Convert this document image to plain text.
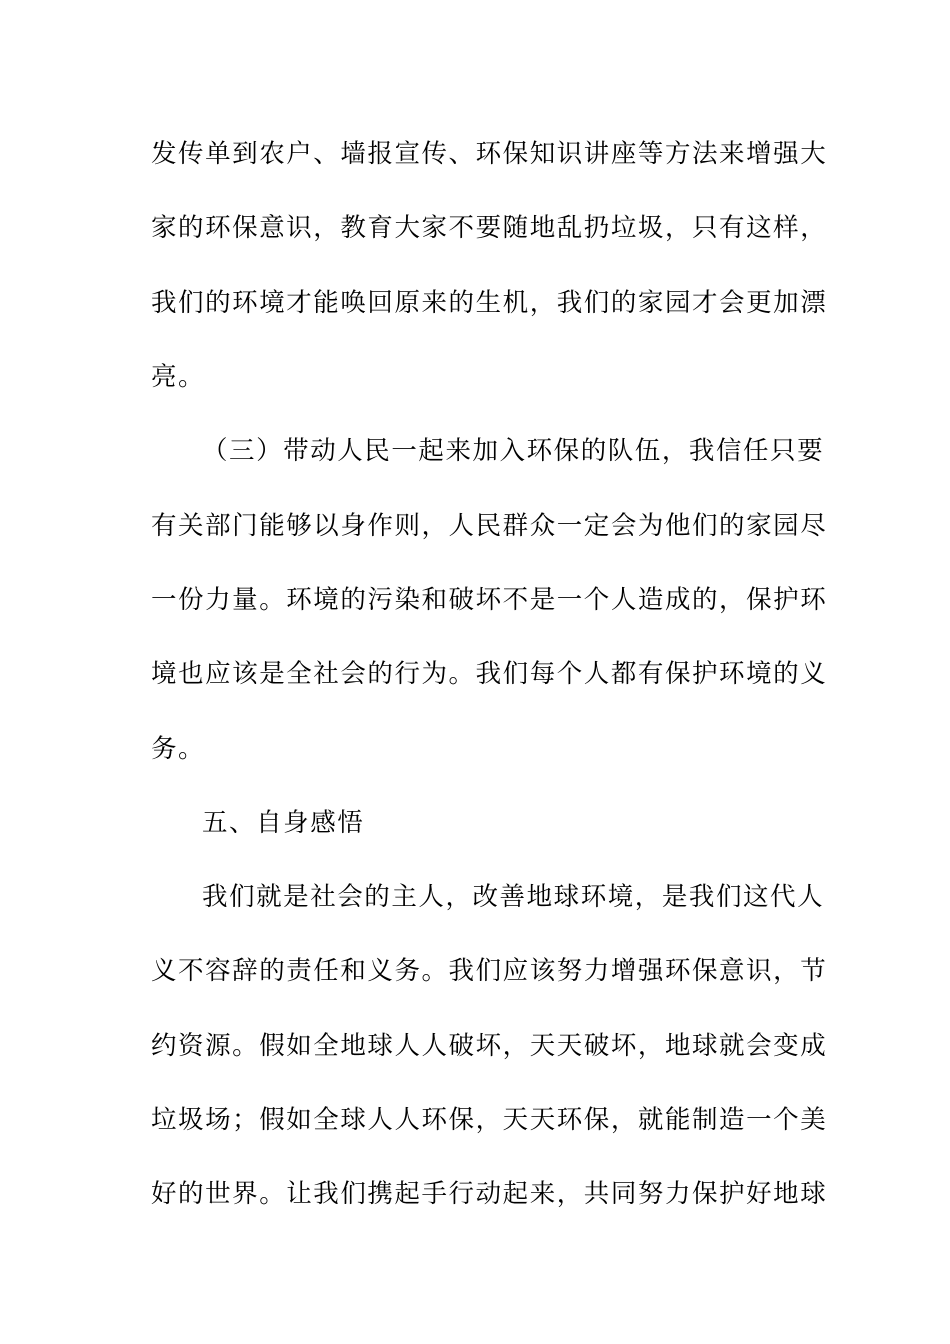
发传单到农户、墙报宣传、环保知识讲座等方法来增强大
家的环保意识，教育大家不要随地乱扔垃圾，只有这样，
我们的环境才能唤回原来的生机，我们的家园才会更加漂
亮。
（三）带动人民一起来加入环保的队伍，我信任只要
有关部门能够以身作则，人民群众一定会为他们的家园尽
一份力量。环境的污染和破坏不是一个人造成的，保护环
境也应该是全社会的行为。我们每个人都有保护环境的义
务。
五、自身感悟
我们就是社会的主人，改善地球环境，是我们这代人
义不容辞的责任和义务。我们应该努力增强环保意识，节
约资源。假如全地球人人破坏，天天破坏，地球就会变成
垃圾场；假如全球人人环保，天天环保，就能制造一个美
好的世界。让我们携起手行动起来，共同努力保护好地球
